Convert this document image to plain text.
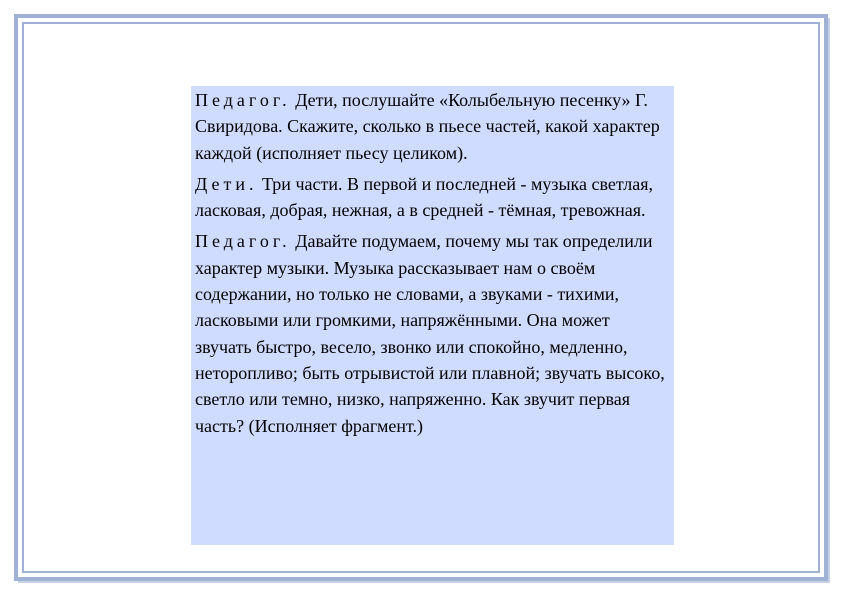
Педагог. Дети, послушайте «Колыбельную песенку» Г. Свиридова. Скажите, сколько в пьесе частей, какой характер каждой (исполняет пьесу целиком).

Дети. Три части. В первой и последней - музыка светлая, ласковая, добрая, нежная, а в средней - тёмная, тревожная.

Педагог. Давайте подумаем, почему мы так определили характер музыки. Музыка рассказывает нам о своём содержании, но только не словами, а звуками - тихими, ласковыми или громкими, напряжёнными. Она может звучать быстро, весело, звонко или спокойно, медленно, неторопливо; быть отрывистой или плавной; звучать высоко, светло или темно, низко, напряженно. Как звучит первая часть? (Исполняет фрагмент.)
